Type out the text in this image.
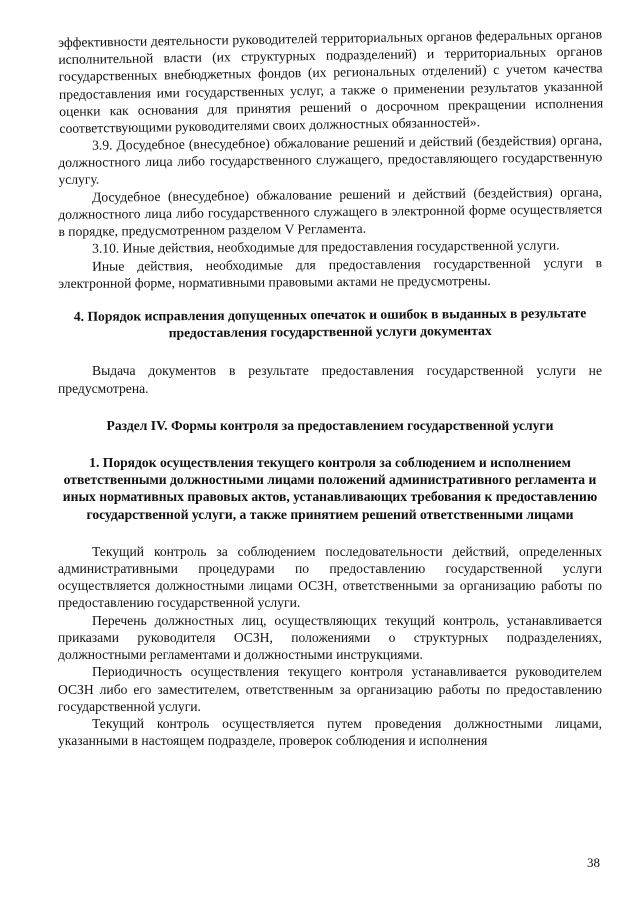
эффективности деятельности руководителей территориальных органов федеральных органов исполнительной власти (их структурных подразделений) и территориальных органов государственных внебюджетных фондов (их региональных отделений) с учетом качества предоставления ими государственных услуг, а также о применении результатов указанной оценки как основания для принятия решений о досрочном прекращении исполнения соответствующими руководителями своих должностных обязанностей».

3.9. Досудебное (внесудебное) обжалование решений и действий (бездействия) органа, должностного лица либо государственного служащего, предоставляющего государственную услугу.

Досудебное (внесудебное) обжалование решений и действий (бездействия) органа, должностного лица либо государственного служащего в электронной форме осуществляется в порядке, предусмотренном разделом V Регламента.

3.10. Иные действия, необходимые для предоставления государственной услуги.

Иные действия, необходимые для предоставления государственной услуги в электронной форме, нормативными правовыми актами не предусмотрены.

4. Порядок исправления допущенных опечаток и ошибок в выданных в результате предоставления государственной услуги документах

Выдача документов в результате предоставления государственной услуги не предусмотрена.

Раздел IV. Формы контроля за предоставлением государственной услуги

1. Порядок осуществления текущего контроля за соблюдением и исполнением ответственными должностными лицами положений административного регламента и иных нормативных правовых актов, устанавливающих требования к предоставлению государственной услуги, а также принятием решений ответственными лицами

Текущий контроль за соблюдением последовательности действий, определенных административными процедурами по предоставлению государственной услуги осуществляется должностными лицами ОСЗН, ответственными за организацию работы по предоставлению государственной услуги.

Перечень должностных лиц, осуществляющих текущий контроль, устанавливается приказами руководителя ОСЗН, положениями о структурных подразделениях, должностными регламентами и должностными инструкциями.

Периодичность осуществления текущего контроля устанавливается руководителем ОСЗН либо его заместителем, ответственным за организацию работы по предоставлению государственной услуги.

Текущий контроль осуществляется путем проведения должностными лицами, указанными в настоящем подразделе, проверок соблюдения и исполнения

38
